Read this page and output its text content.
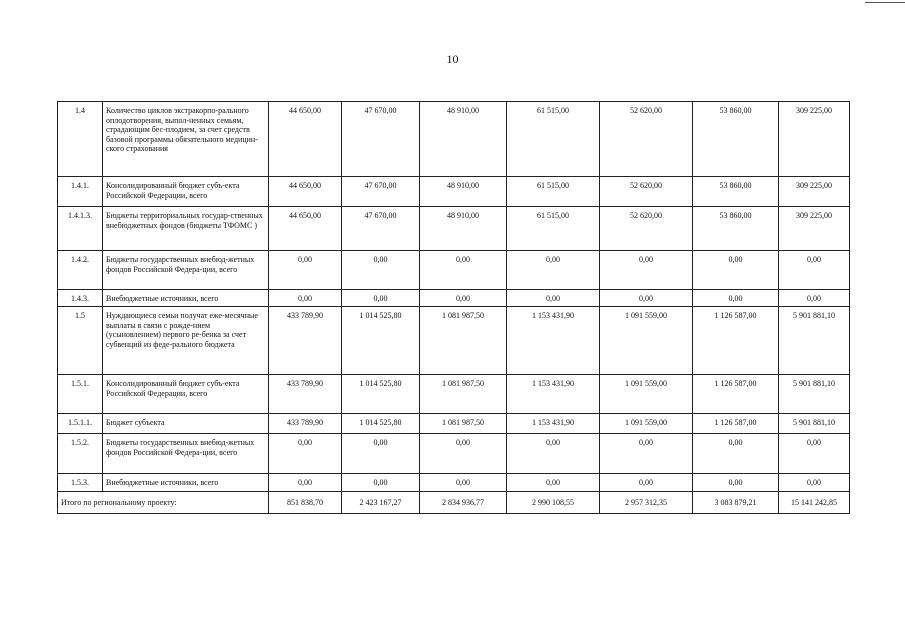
10
1.4	Количество циклов экстракорпо-рального оплодотворения, выпол-ненных семьям, страдающим бес-плодием, за счет средств базовой программы обязательного медицин-ского страхования	44 650,00	47 670,00	48 910,00	61 515,00	52 620,00	53 860,00	309 225,00
1.4.1.	Консолидированный бюджет субъ-екта Российской Федерации, всего	44 650,00	47 670,00	48 910,00	61 515,00	52 620,00	53 860,00	309 225,00
1.4.1.3.	Бюджеты территориальных государ-ственных внебюджетных фондов (бюджеты ТФОМС )	44 650,00	47 670,00	48 910,00	61 515,00	52 620,00	53 860,00	309 225,00
1.4.2.	Бюджеты государственных внебюд-жетных фондов Российской Федера-ции, всего	0,00	0,00	0,00	0,00	0,00	0,00	0,00
1.4.3.	Внебюджетные источники, всего	0,00	0,00	0,00	0,00	0,00	0,00	0,00
1.5	Нуждающиеся семьи получат еже-месячные выплаты в связи с рожде-нием (усыновлением) первого ре-бенка за счет субвенций из феде-рального бюджета	433 789,90	1 014 525,80	1 081 987,50	1 153 431,90	1 091 559,00	1 126 587,00	5 901 881,10
1.5.1.	Консолидированный бюджет субъ-екта Российской Федерации, всего	433 789,90	1 014 525,80	1 081 987,50	1 153 431,90	1 091 559,00	1 126 587,00	5 901 881,10
1.5.1.1.	Бюджет субъекта	433 789,90	1 014 525,80	1 081 987,50	1 153 431,90	1 091 559,00	1 126 587,00	5 901 881,10
1.5.2.	Бюджеты государственных внебюд-жетных фондов Российской Федера-ции, всего	0,00	0,00	0,00	0,00	0,00	0,00	0,00
1.5.3.	Внебюджетные источники, всего	0,00	0,00	0,00	0,00	0,00	0,00	0,00
Итого по региональному проекту:		851 838,70	2 423 167,27	2 834 936,77	2 990 108,55	2 957 312,35	3 083 879,21	15 141 242,85
